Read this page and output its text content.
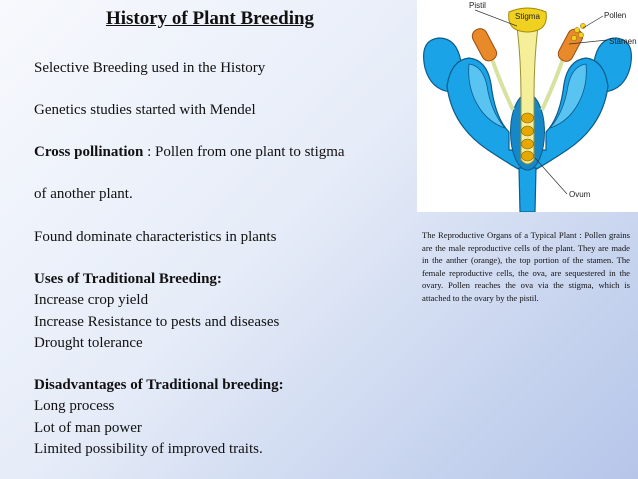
History of Plant Breeding
Selective Breeding used in the History
Genetics studies started with Mendel
Cross pollination : Pollen from one plant to stigma
of another plant.
Found dominate characteristics in plants
Uses of Traditional Breeding:
Increase crop yield
Increase Resistance to pests and diseases
Drought tolerance
Disadvantages of Traditional breeding:
Long process
Lot of man power
Limited possibility of improved traits.
Pistil
Stigma	Pollen
Stamen
Ovum
The Reproductive Organs of a Typical Plant : Pollen grains are the male reproductive cells of the plant. They are made in the anther (orange), the top portion of the stamen. The female reproductive cells, the ova, are sequestered in the ovary. Pollen reaches the ova via the stigma, which is attached to the ovary by the pistil.
